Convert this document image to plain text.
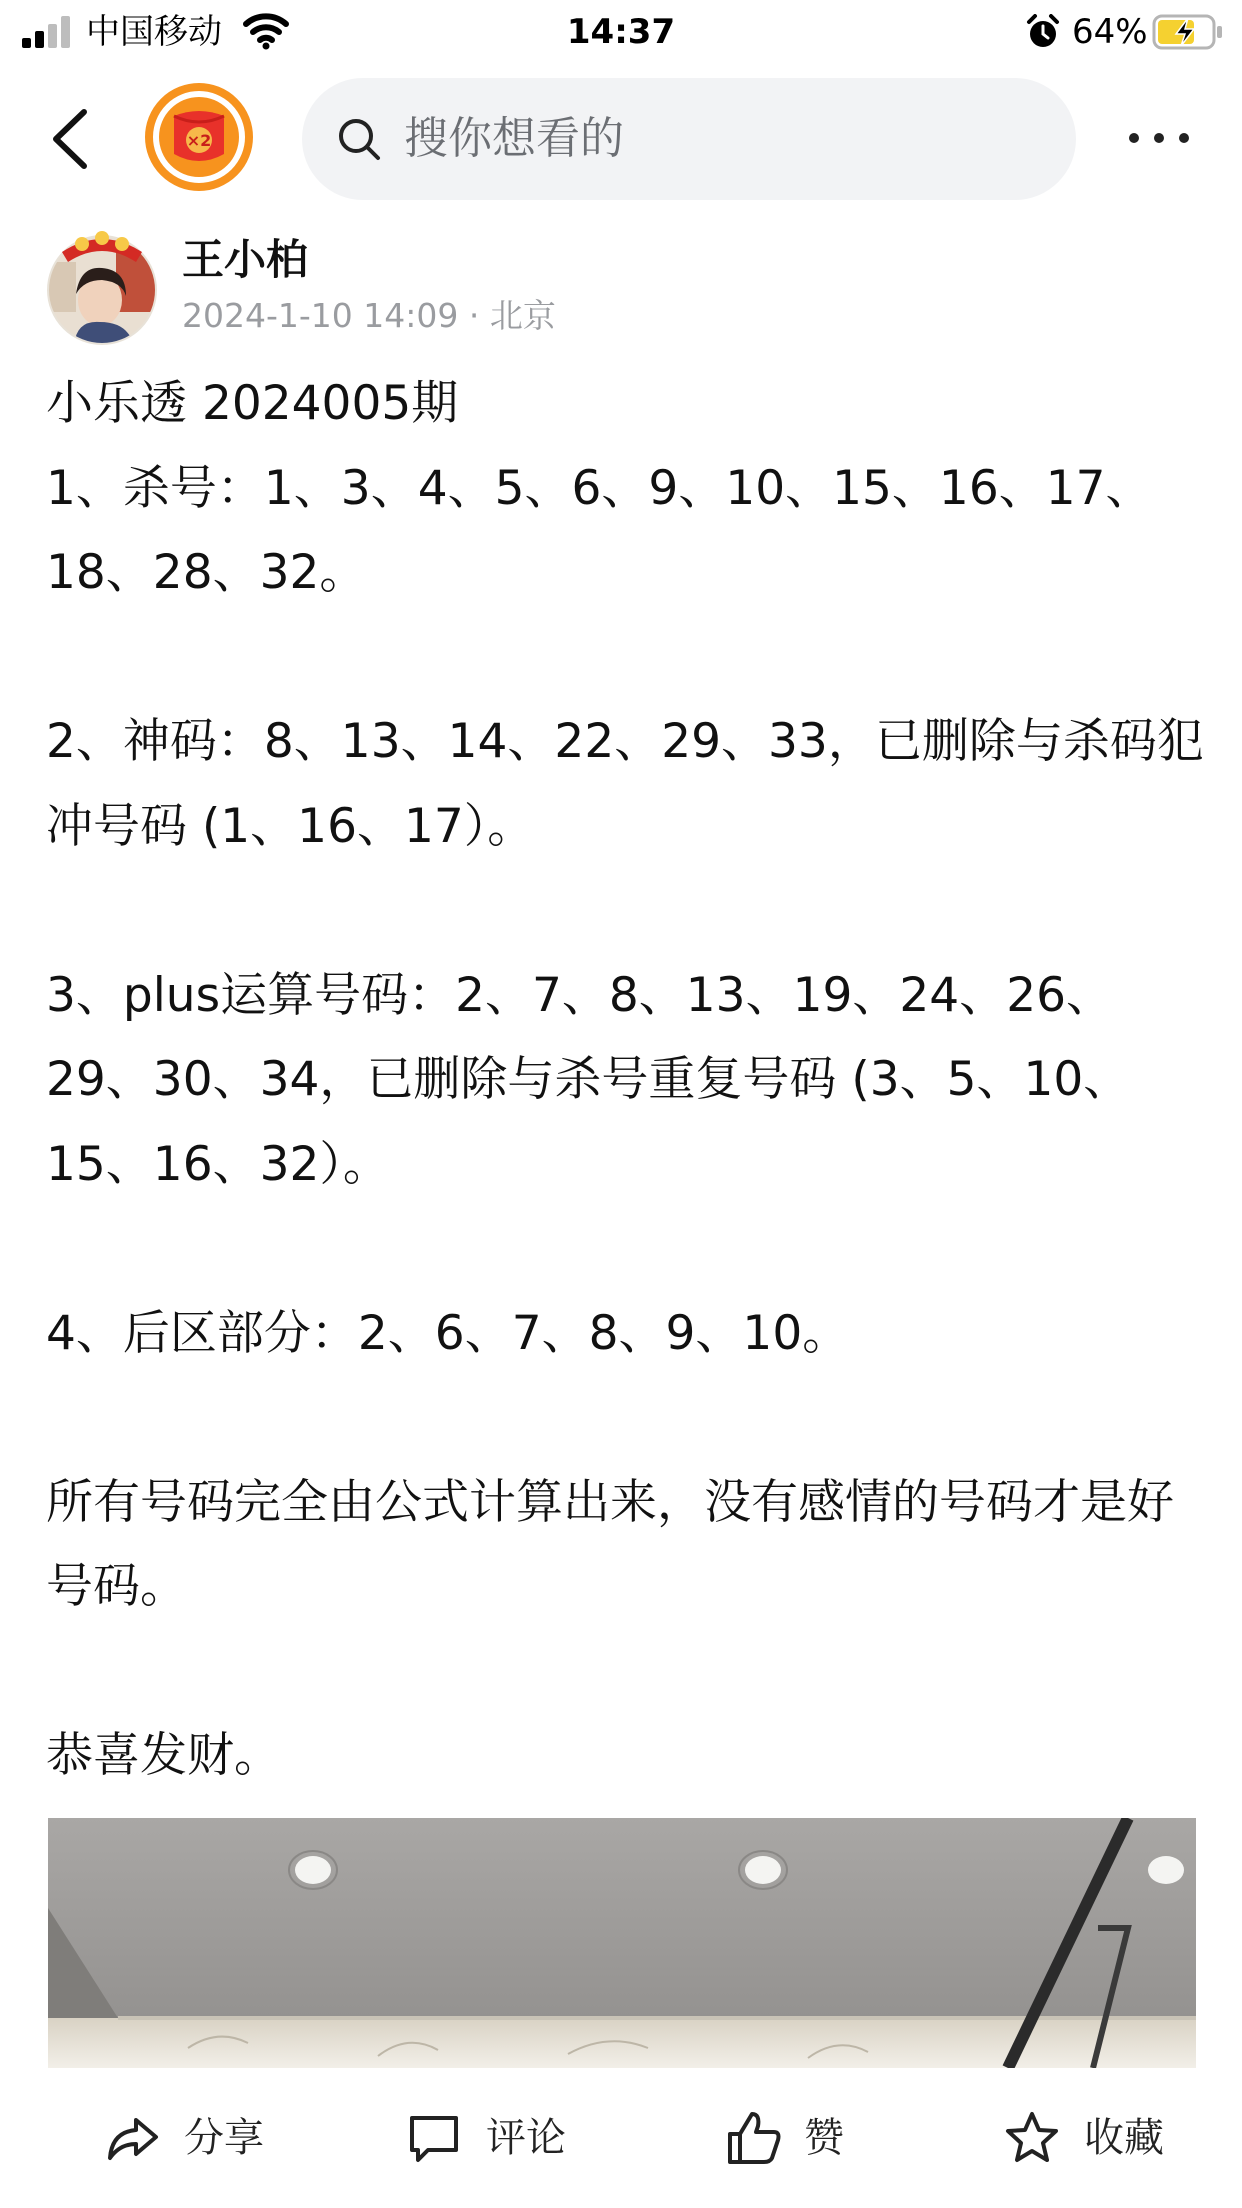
中国移动	14:37	64%
×2	搜你想看的
王小柏
2024-1-10 14:09 · 北京

小乐透 2024005期
1、杀号：1、3、4、5、6、9、10、15、16、17、18、28、32。

2、神码：8、13、14、22、29、33，已删除与杀码犯冲号码 (1、16、17）。

3、plus运算号码：2、7、8、13、19、24、26、29、30、34，已删除与杀号重复号码 (3、5、10、15、16、32）。

4、后区部分：2、6、7、8、9、10。

所有号码完全由公式计算出来，没有感情的号码才是好号码。

恭喜发财。

分享	评论	赞	收藏
